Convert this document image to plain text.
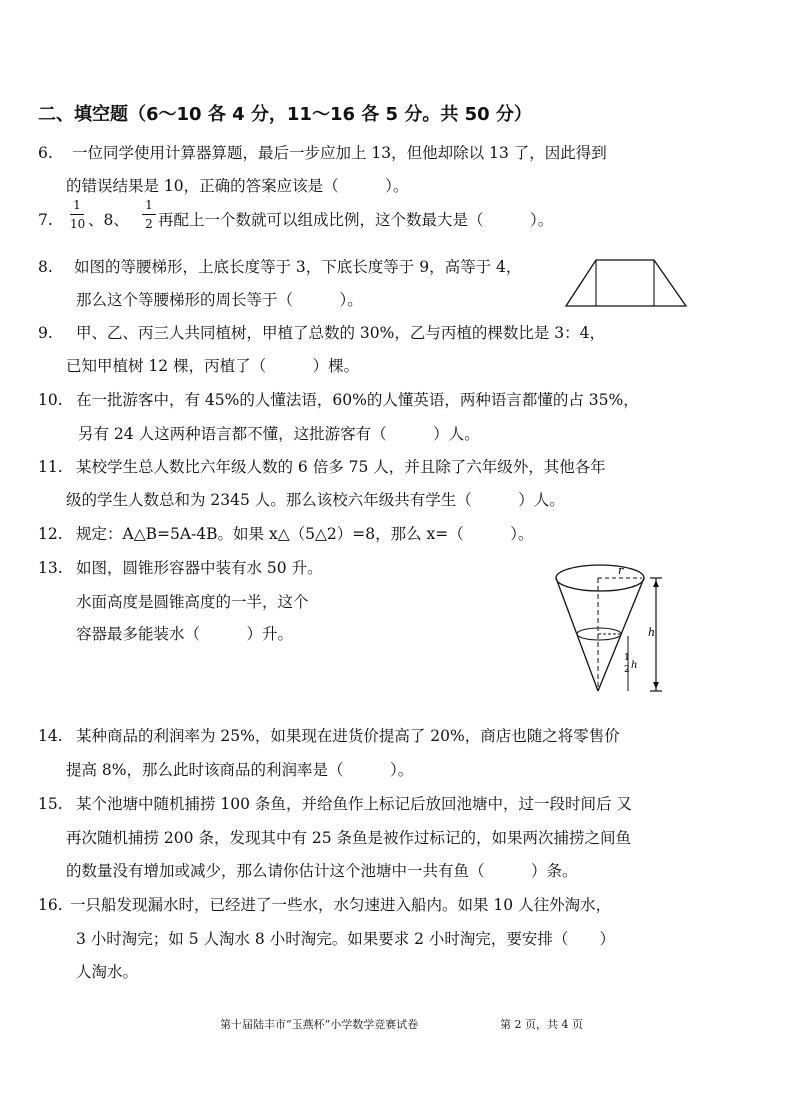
二、填空题（6～10 各 4 分，11～16 各 5 分。共 50 分）
6. 一位同学使用计算器算题，最后一步应加上 13，但他却除以 13 了，因此得到
的错误结果是 10，正确的答案应该是（　　　）。
7.
1
10 、8、
1
2 再配上一个数就可以组成比例，这个数最大是（　　　）。
8. 如图的等腰梯形，上底长度等于 3，下底长度等于 9，高等于 4，
那么这个等腰梯形的周长等于（　　　）。
9. 甲、乙、丙三人共同植树，甲植了总数的 30%，乙与丙植的棵数比是 3：4，
已知甲植树 12 棵，丙植了（　　　）棵。
10. 在一批游客中，有 45%的人懂法语，60%的人懂英语，两种语言都懂的占 35%，
另有 24 人这两种语言都不懂，这批游客有（　　　）人。
11. 某校学生总人数比六年级人数的 6 倍多 75 人，并且除了六年级外，其他各年
级的学生人数总和为 2345 人。那么该校六年级共有学生（　　　）人。
12. 规定：A△B=5A-4B。如果 x△（5△2）=8，那么 x=（　　　）。
13. 如图，圆锥形容器中装有水 50 升。
水面高度是圆锥高度的一半，这个
容器最多能装水（　　　）升。
r
h
1
2 h
14. 某种商品的利润率为 25%，如果现在进货价提高了 20%，商店也随之将零售价
提高 8%，那么此时该商品的利润率是（　　　）。
15. 某个池塘中随机捕捞 100 条鱼，并给鱼作上标记后放回池塘中，过一段时间后 又
再次随机捕捞 200 条，发现其中有 25 条鱼是被作过标记的，如果两次捕捞之间鱼
的数量没有增加或减少，那么请你估计这个池塘中一共有鱼（　　　）条。
16. 一只船发现漏水时，已经进了一些水，水匀速进入船内。如果 10 人往外淘水，
3 小时淘完；如 5 人淘水 8 小时淘完。如果要求 2 小时淘完，要安排（　　）
人淘水。
第十届陆丰市“玉燕杯”小学数学竞赛试卷	第 2 页，共 4 页
